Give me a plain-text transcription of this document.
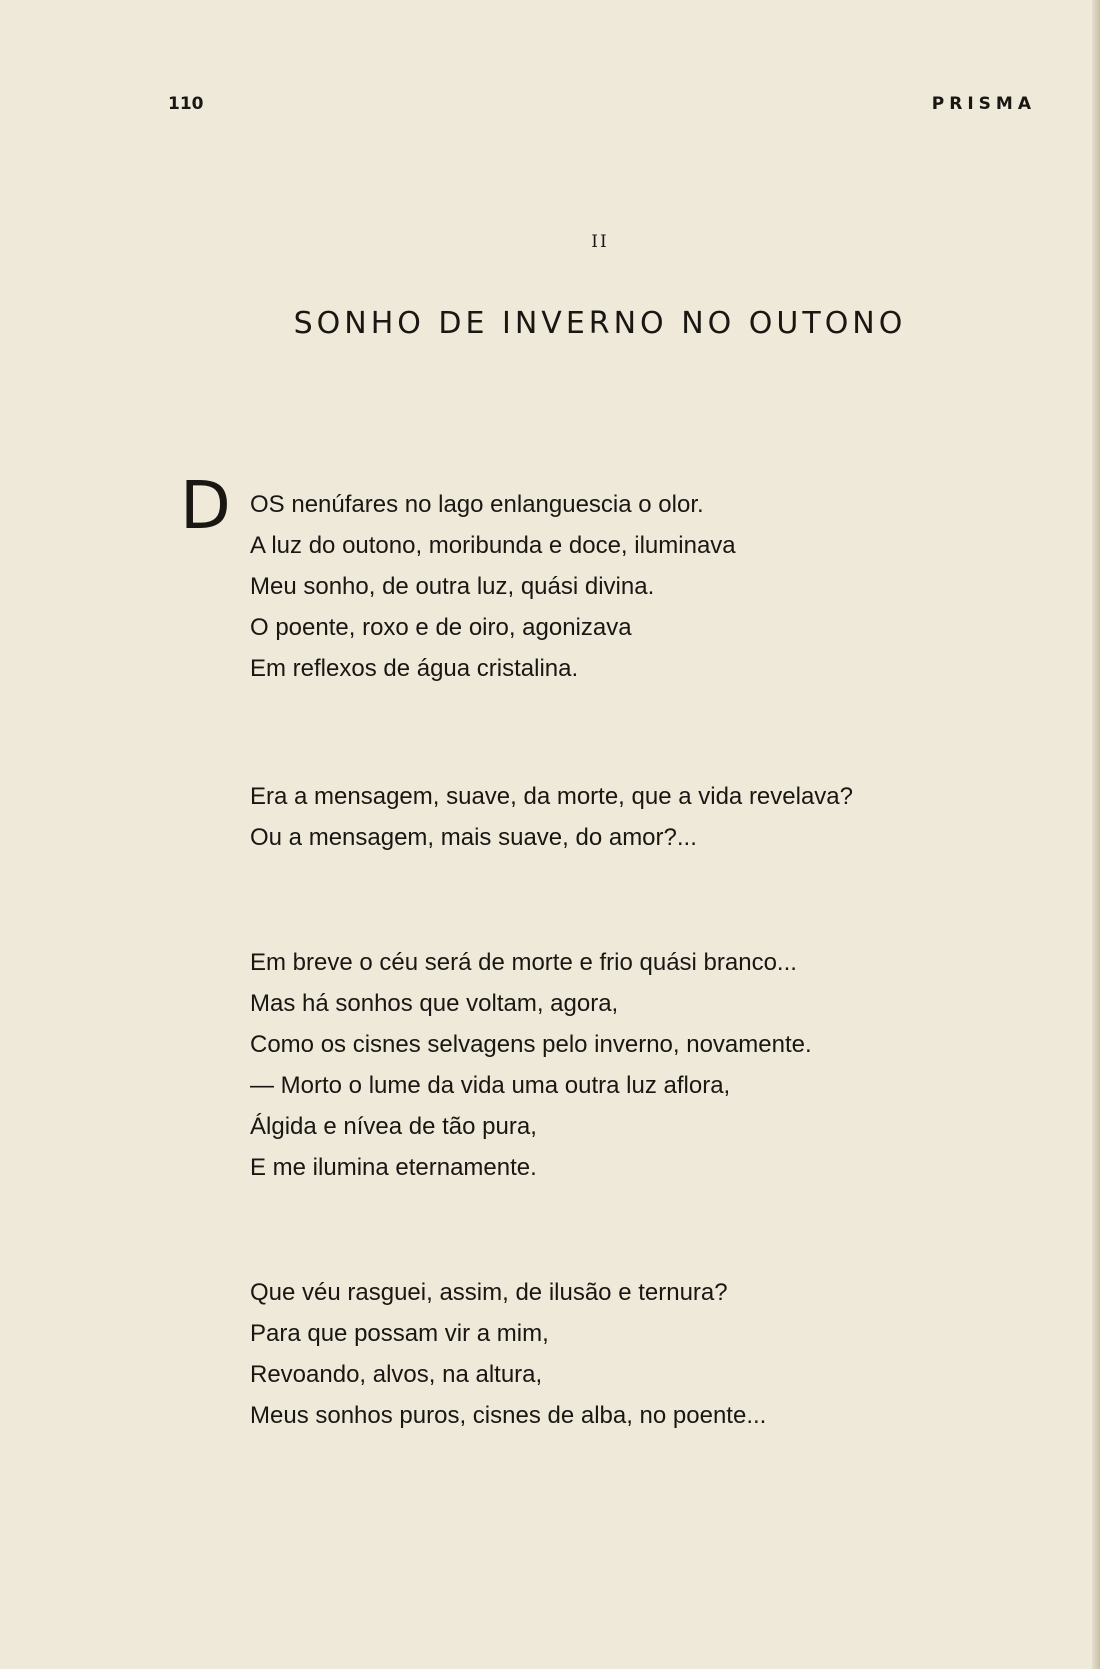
110	PRISMA
II
SONHO DE INVERNO NO OUTONO
D OS nenúfares no lago enlanguescia o olor.
A luz do outono, moribunda e doce, iluminava
Meu sonho, de outra luz, quási divina.
O poente, roxo e de oiro, agonizava
Em reflexos de água cristalina.
Era a mensagem, suave, da morte, que a vida revelava?
Ou a mensagem, mais suave, do amor?...
Em breve o céu será de morte e frio quási branco...
Mas há sonhos que voltam, agora,
Como os cisnes selvagens pelo inverno, novamente.
— Morto o lume da vida uma outra luz aflora,
Álgida e nívea de tão pura,
E me ilumina eternamente.
Que véu rasguei, assim, de ilusão e ternura?
Para que possam vir a mim,
Revoando, alvos, na altura,
Meus sonhos puros, cisnes de alba, no poente...
